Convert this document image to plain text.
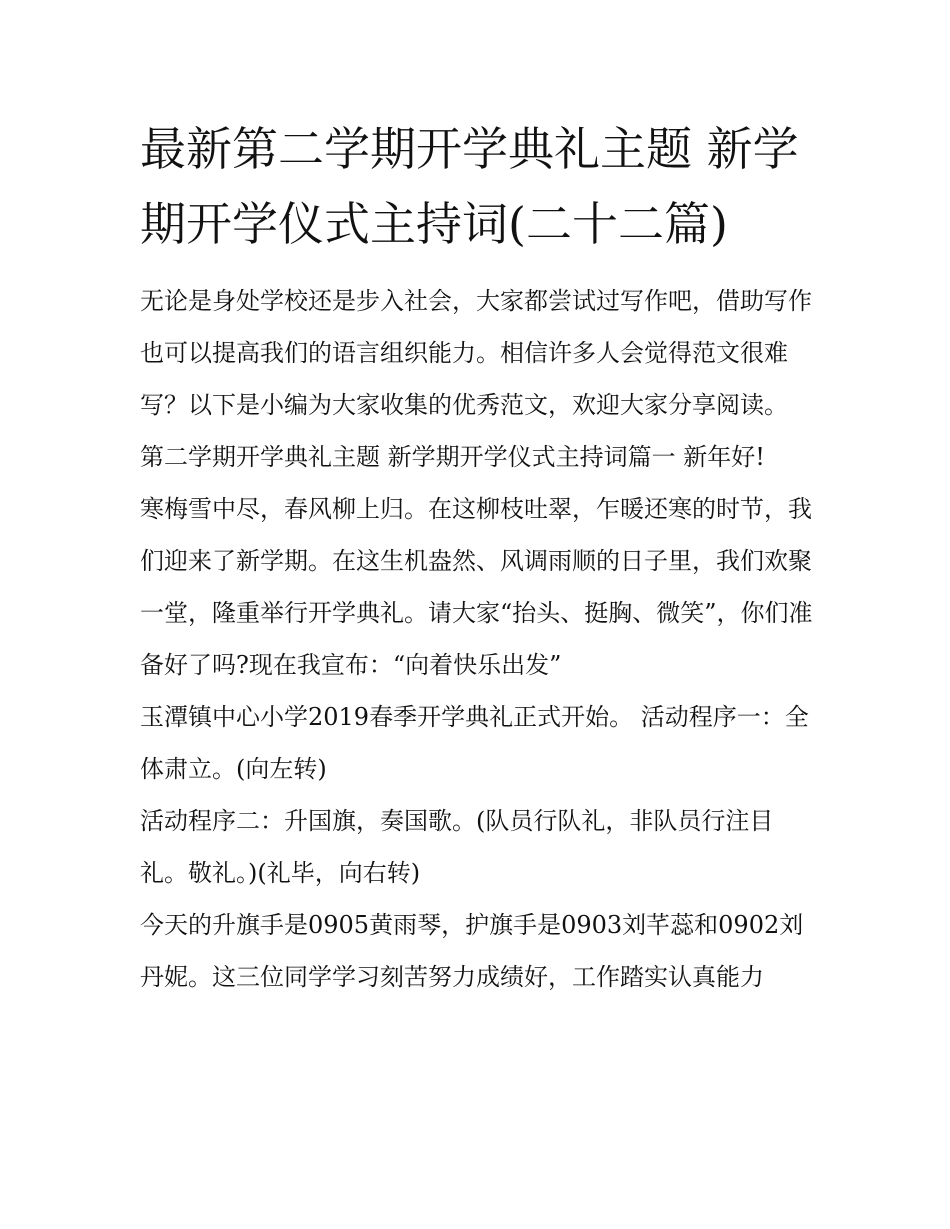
最新第二学期开学典礼主题 新学期开学仪式主持词(二十二篇)

无论是身处学校还是步入社会，大家都尝试过写作吧，借助写作也可以提高我们的语言组织能力。相信许多人会觉得范文很难写？以下是小编为大家收集的优秀范文，欢迎大家分享阅读。

第二学期开学典礼主题 新学期开学仪式主持词篇一 新年好!

寒梅雪中尽，春风柳上归。在这柳枝吐翠，乍暖还寒的时节，我们迎来了新学期。在这生机盎然、风调雨顺的日子里，我们欢聚一堂，隆重举行开学典礼。请大家“抬头、挺胸、微笑”，你们准备好了吗?现在我宣布：“向着快乐出发”

玉潭镇中心小学2019春季开学典礼正式开始。 活动程序一：全体肃立。(向左转)

活动程序二：升国旗，奏国歌。(队员行队礼，非队员行注目礼。敬礼。)(礼毕，向右转)

今天的升旗手是0905黄雨琴，护旗手是0903刘芊蕊和0902刘丹妮。这三位同学学习刻苦努力成绩好，工作踏实认真能力
